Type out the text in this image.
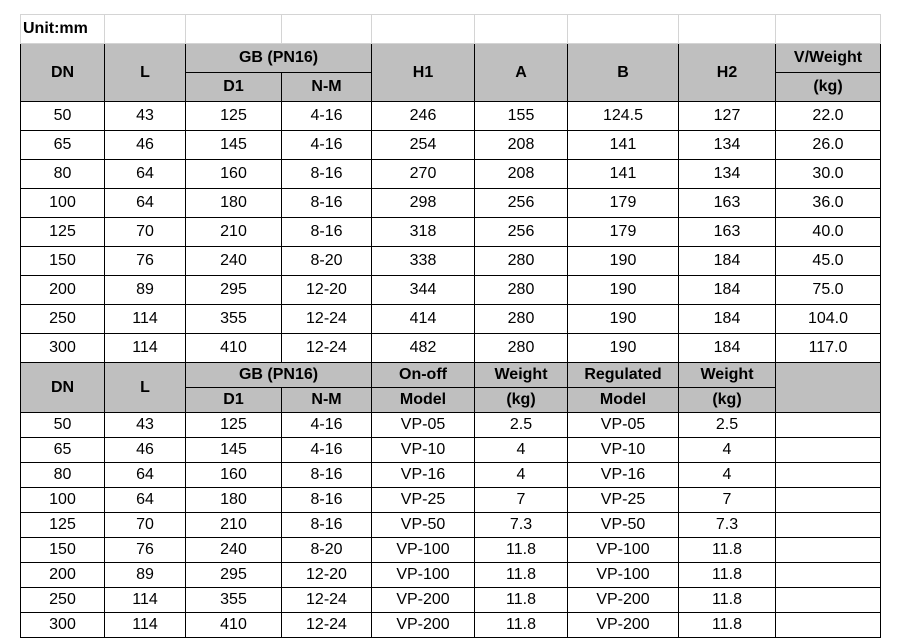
Unit:mm								
DN	L	GB (PN16)		H1	A	B	H2	V/Weight
		D1	N-M					(kg)
50	43	125	4-16	246	155	124.5	127	22.0
65	46	145	4-16	254	208	141	134	26.0
80	64	160	8-16	270	208	141	134	30.0
100	64	180	8-16	298	256	179	163	36.0
125	70	210	8-16	318	256	179	163	40.0
150	76	240	8-20	338	280	190	184	45.0
200	89	295	12-20	344	280	190	184	75.0
250	114	355	12-24	414	280	190	184	104.0
300	114	410	12-24	482	280	190	184	117.0
DN	L	GB (PN16)		On-off	Weight	Regulated	Weight	
		D1	N-M	Model	(kg)	Model	(kg)	
50	43	125	4-16	VP-05	2.5	VP-05	2.5	
65	46	145	4-16	VP-10	4	VP-10	4	
80	64	160	8-16	VP-16	4	VP-16	4	
100	64	180	8-16	VP-25	7	VP-25	7	
125	70	210	8-16	VP-50	7.3	VP-50	7.3	
150	76	240	8-20	VP-100	11.8	VP-100	11.8	
200	89	295	12-20	VP-100	11.8	VP-100	11.8	
250	114	355	12-24	VP-200	11.8	VP-200	11.8	
300	114	410	12-24	VP-200	11.8	VP-200	11.8	
